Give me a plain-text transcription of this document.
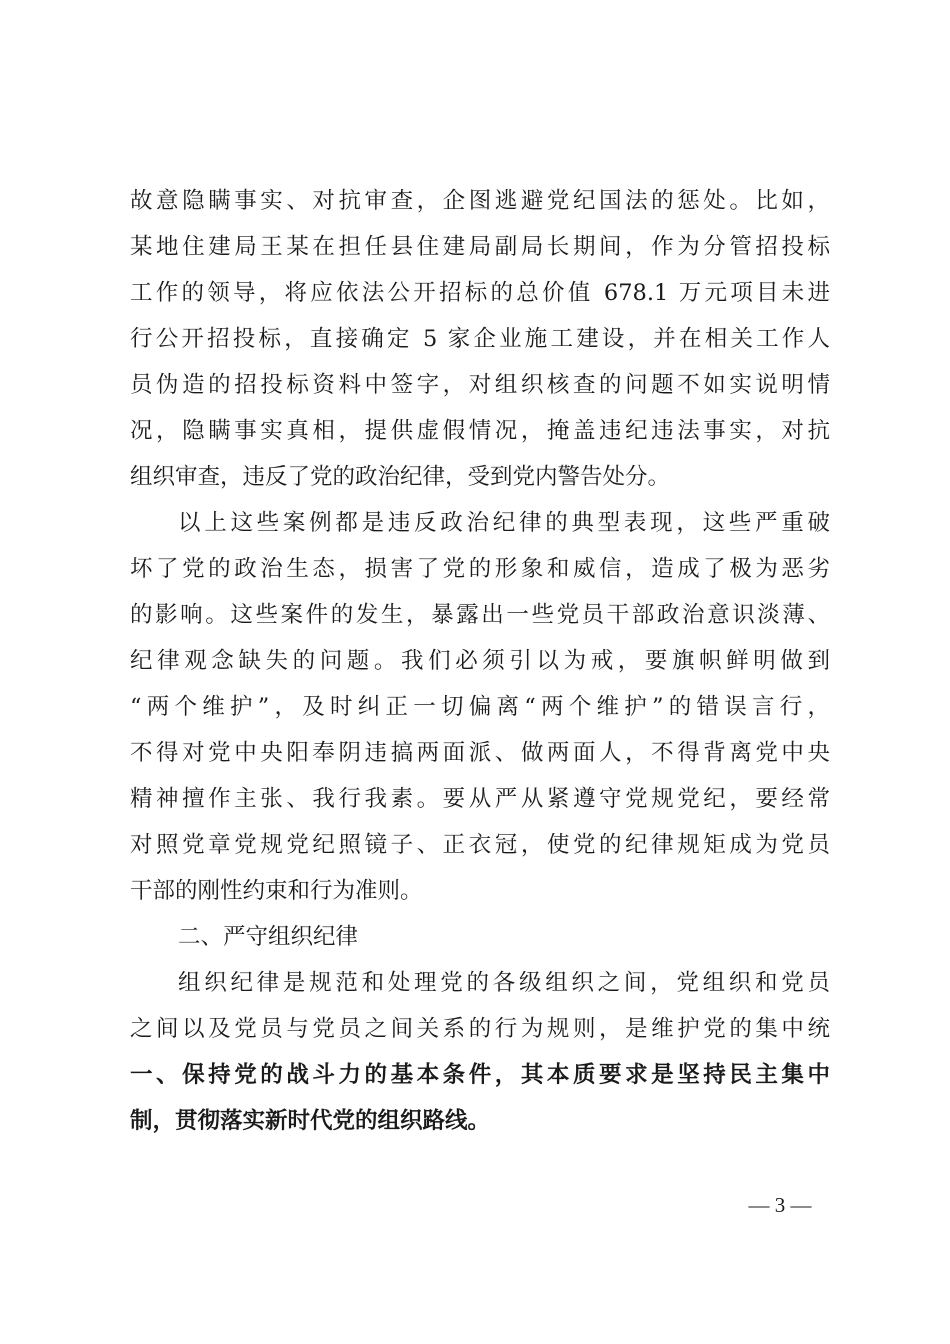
故意隐瞒事实、对抗审查，企图逃避党纪国法的惩处。比如，
某地住建局王某在担任县住建局副局长期间，作为分管招投标
工作的领导，将应依法公开招标的总价值 678.1 万元项目未进
行公开招投标，直接确定 5 家企业施工建设，并在相关工作人
员伪造的招投标资料中签字，对组织核查的问题不如实说明情
况，隐瞒事实真相，提供虚假情况，掩盖违纪违法事实，对抗
组织审查，违反了党的政治纪律，受到党内警告处分。
以上这些案例都是违反政治纪律的典型表现，这些严重破
坏了党的政治生态，损害了党的形象和威信，造成了极为恶劣
的影响。这些案件的发生，暴露出一些党员干部政治意识淡薄、
纪律观念缺失的问题。我们必须引以为戒，要旗帜鲜明做到
“两个维护”，及时纠正一切偏离“两个维护”的错误言行，
不得对党中央阳奉阴违搞两面派、做两面人，不得背离党中央
精神擅作主张、我行我素。要从严从紧遵守党规党纪，要经常
对照党章党规党纪照镜子、正衣冠，使党的纪律规矩成为党员
干部的刚性约束和行为准则。
二、严守组织纪律
组织纪律是规范和处理党的各级组织之间，党组织和党员
之间以及党员与党员之间关系的行为规则，是维护党的集中统
一、保持党的战斗力的基本条件，其本质要求是坚持民主集中
制，贯彻落实新时代党的组织路线。
— 3 —
